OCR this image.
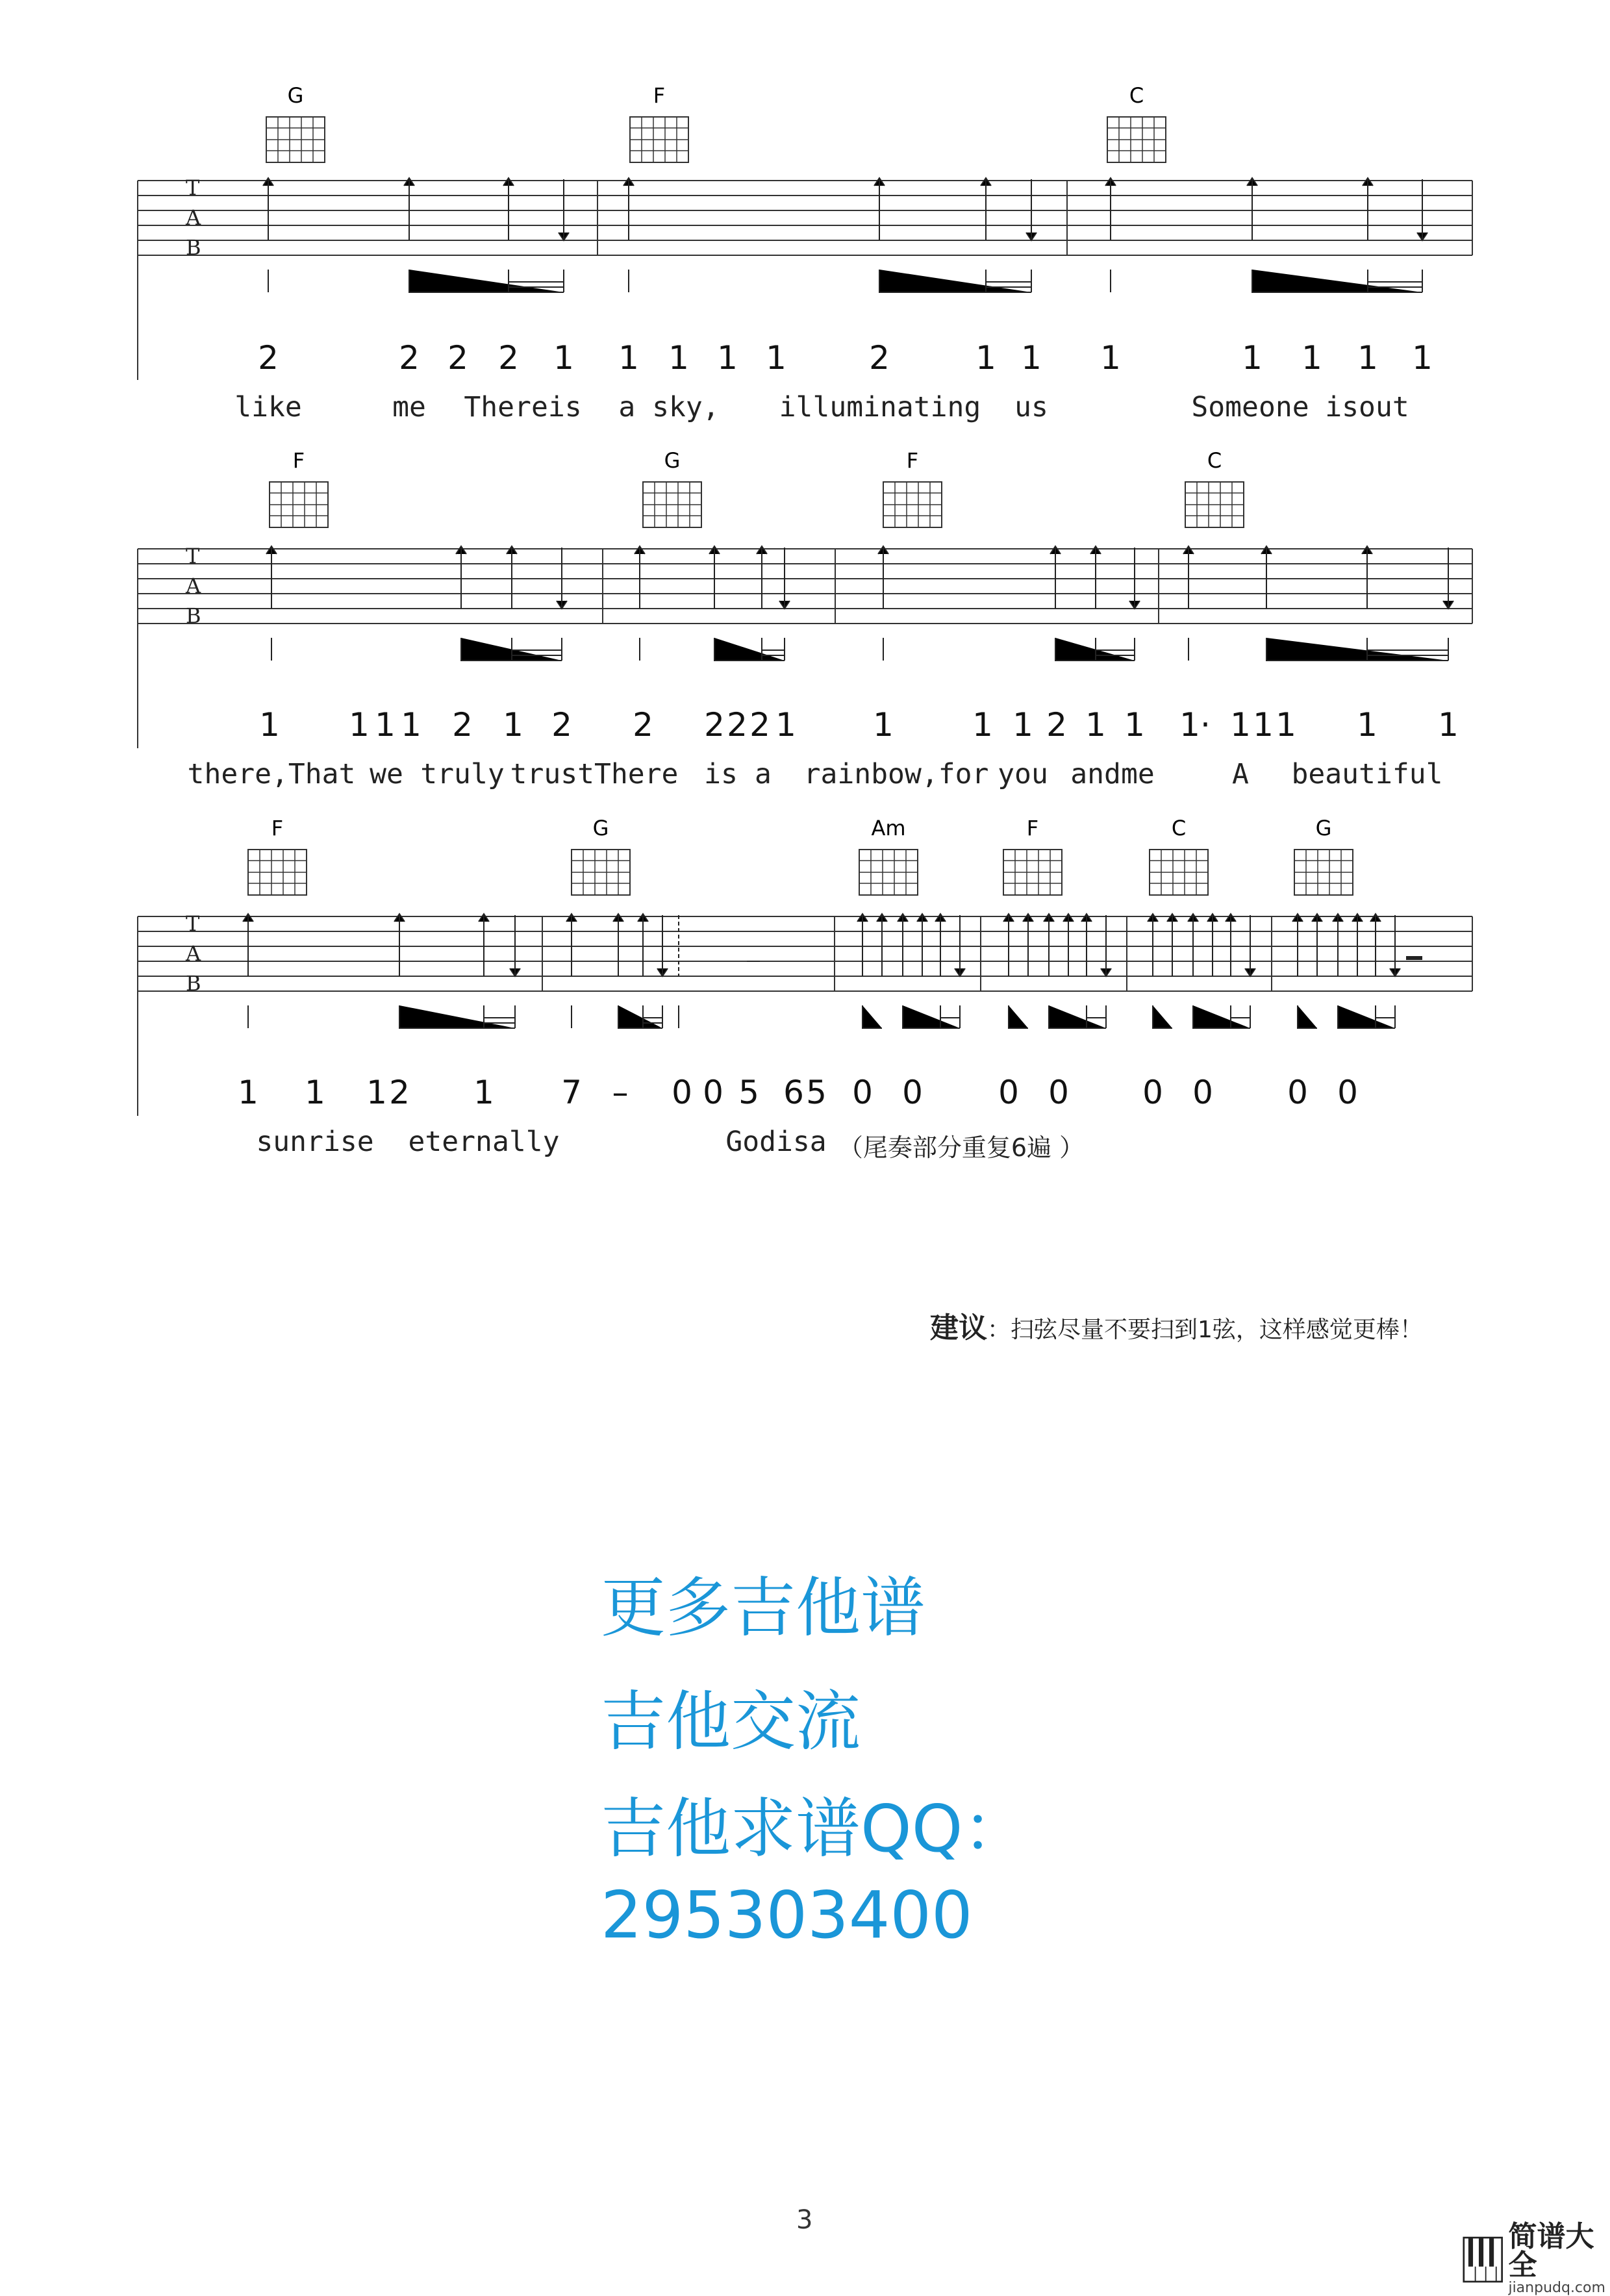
T
A
B
G	F	C
2	2 2 2 1 1 1 1 1	2	1 1 1	1 1 1 1
like	me Thereis a sky, illuminating us	Someone isout
T
A
B
F	G	F	C
1 1 1 1 2 1 2 2 2 2 2 1 1 1 1 2 1 1 1· 1 1 1 1 1
there,That we truly trustThere is a rainbow,for you andme	A beautiful
T
A
B
F	G	Am	F	C	G
1 1 1 2 1 7 – 0 0 5 6 5 0 0 0 0 0 0 0 0
sunrise eternally	Godisa （尾奏部分重复6遍 ）
建议：扫弦尽量不要扫到1弦，这样感觉更棒！
更多吉他谱
吉他交流
吉他求谱QQ：
295303400
3	简谱大全
jianpudq.com
